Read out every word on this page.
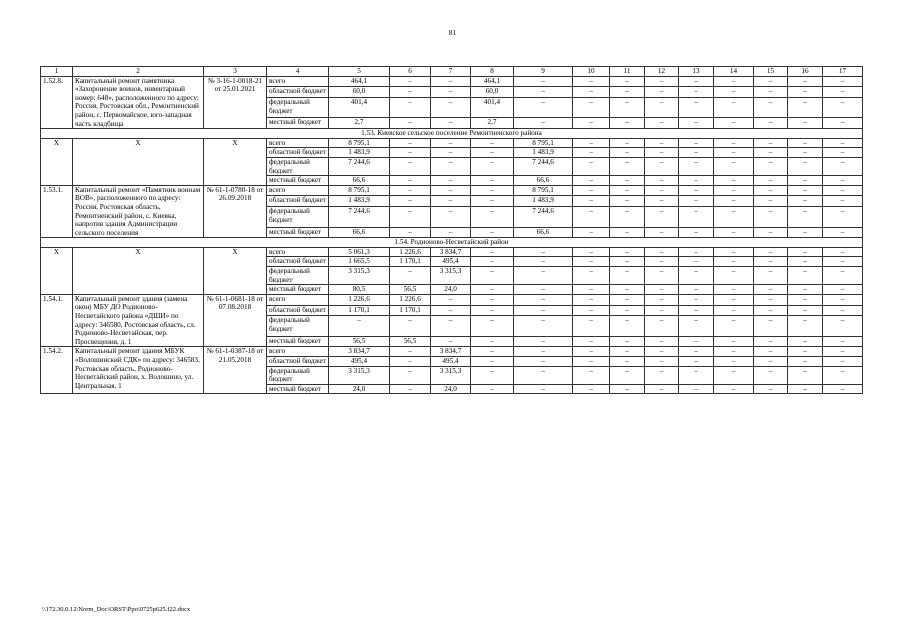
81
1	2	3	4	5	6	7	8	9	10	11	12	13	14	15	16	17
1.52.8.	Капитальный ремонт памятника «Захоронение воинов, инвентарный номер: 648», расположенного по адресу: Россия, Ростовская обл., Ремонтненский район, с. Первомайское, юго-западная часть кладбища	№ 3-16-1-0018-21 от 25.01.2021	всего	464,1	–	–	464,1	–	–	–	–	–	–	–	–	–
			областной бюджет	60,0	–	–	60,0	–	–	–	–	–	–	–	–	–
			федеральный бюджет	401,4	–	–	401,4	–	–	–	–	–	–	–	–	–
			местный бюджет	2,7	–	–	2,7	–	–	–	–	–	–	–	–	–
1.53. Киевское сельское поселение Ремонтненского района																
Х	Х	Х	всего	8 795,1	–	–	–	8 795,1	–	–	–	–	–	–	–	–
			областной бюджет	1 483,9	–	–	–	1 483,9	–	–	–	–	–	–	–	–
			федеральный бюджет	7 244,6	–	–	–	7 244,6	–	–	–	–	–	–	–	–
			местный бюджет	66,6	–	–	–	66,6	–	–	–	–	–	–	–	–
1.53.1.	Капитальный ремонт «Памятник воинам ВОВ», расположенного по адресу: Россия, Ростовская область, Ремонтненский район, с. Киевка, напротив здания Администрации сельского поселения	№ 61-1-0780-18 от 26.09.2018	всего	8 795,1	–	–	–	8 795,1	–	–	–	–	–	–	–	–
			областной бюджет	1 483,9	–	–	–	1 483,9	–	–	–	–	–	–	–	–
			федеральный бюджет	7 244,6	–	–	–	7 244,6	–	–	–	–	–	–	–	–
			местный бюджет	66,6	–	–	–	66,6	–	–	–	–	–	–	–	–
1.54. Родионово-Несветайский район																
Х	Х	Х	всего	5 061,3	1 226,6	3 834,7	–	–	–	–	–	–	–	–	–	–
			областной бюджет	1 665,5	1 170,1	495,4	–	–	–	–	–	–	–	–	–	–
			федеральный бюджет	3 315,3	–	3 315,3	–	–	–	–	–	–	–	–	–	–
			местный бюджет	80,5	56,5	24,0	–	–	–	–	–	–	–	–	–	–
1.54.1.	Капитальный ремонт здания (замена окон) МБУ ДО Родионово-Несветайского района «ДШИ» по адресу: 346580, Ростовская область, сл. Родионово-Несветайская, пер. Просвещения, д. 1	№ 61-1-0681-18 от 07.08.2018	всего	1 226,6	1 226,6	–	–	–	–	–	–	–	–	–	–	–
			областной бюджет	1 170,1	1 170,1	–	–	–	–	–	–	–	–	–	–	–
			федеральный бюджет	–	–	–	–	–	–	–	–	–	–	–	–	–
			местный бюджет	56,5	56,5	–	–	–	–	–	–	–	–	–	–	–
1.54.2.	Капитальный ремонт здания МБУК «Волошинский СДК» по адресу: 346583, Ростовская область, Родионово-Несветайский район, х. Волошино, ул. Центральная, 1	№ 61-1-0387-18 от 21.05.2018	всего	3 834,7	–	3 834,7	–	–	–	–	–	–	–	–	–	–
			областной бюджет	495,4	–	495,4	–	–	–	–	–	–	–	–	–	–
			федеральный бюджет	3 315,3	–	3 315,3	–	–	–	–	–	–	–	–	–	–
			местный бюджет	24,0	–	24,0	–	–	–	–	–	–	–	–	–	–
\\172.30.0.12\Norm_Doc\ORST\Ppo\0725p625.f22.docx
